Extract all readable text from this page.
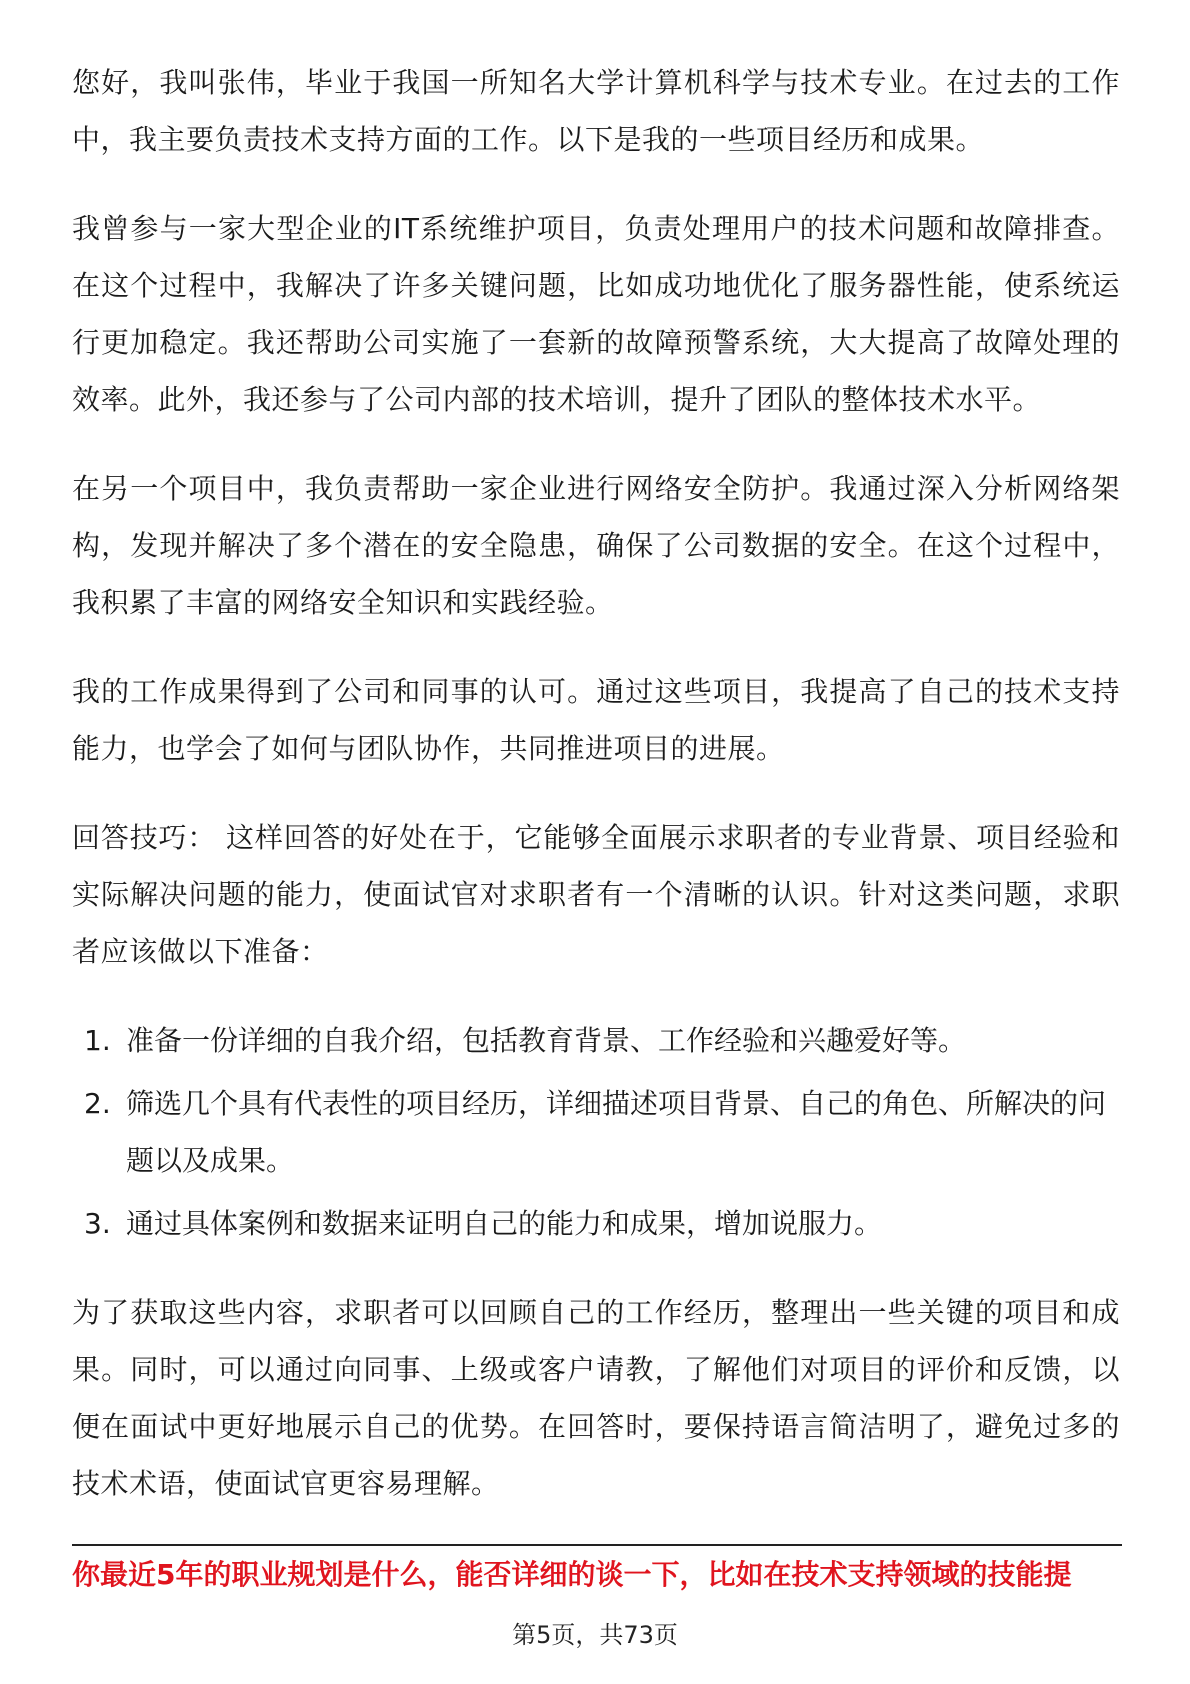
您好，我叫张伟，毕业于我国一所知名大学计算机科学与技术专业。在过去的工作中，我主要负责技术支持方面的工作。以下是我的一些项目经历和成果。

我曾参与一家大型企业的IT系统维护项目，负责处理用户的技术问题和故障排查。在这个过程中，我解决了许多关键问题，比如成功地优化了服务器性能，使系统运行更加稳定。我还帮助公司实施了一套新的故障预警系统，大大提高了故障处理的效率。此外，我还参与了公司内部的技术培训，提升了团队的整体技术水平。

在另一个项目中，我负责帮助一家企业进行网络安全防护。我通过深入分析网络架构，发现并解决了多个潜在的安全隐患，确保了公司数据的安全。在这个过程中，我积累了丰富的网络安全知识和实践经验。

我的工作成果得到了公司和同事的认可。通过这些项目，我提高了自己的技术支持能力，也学会了如何与团队协作，共同推进项目的进展。

回答技巧： 这样回答的好处在于，它能够全面展示求职者的专业背景、项目经验和实际解决问题的能力，使面试官对求职者有一个清晰的认识。针对这类问题，求职者应该做以下准备：

1. 准备一份详细的自我介绍，包括教育背景、工作经验和兴趣爱好等。
2. 筛选几个具有代表性的项目经历，详细描述项目背景、自己的角色、所解决的问题以及成果。
3. 通过具体案例和数据来证明自己的能力和成果，增加说服力。

为了获取这些内容，求职者可以回顾自己的工作经历，整理出一些关键的项目和成果。同时，可以通过向同事、上级或客户请教，了解他们对项目的评价和反馈，以便在面试中更好地展示自己的优势。在回答时，要保持语言简洁明了，避免过多的技术术语，使面试官更容易理解。

你最近5年的职业规划是什么，能否详细的谈一下，比如在技术支持领域的技能提
第5页，共73页
